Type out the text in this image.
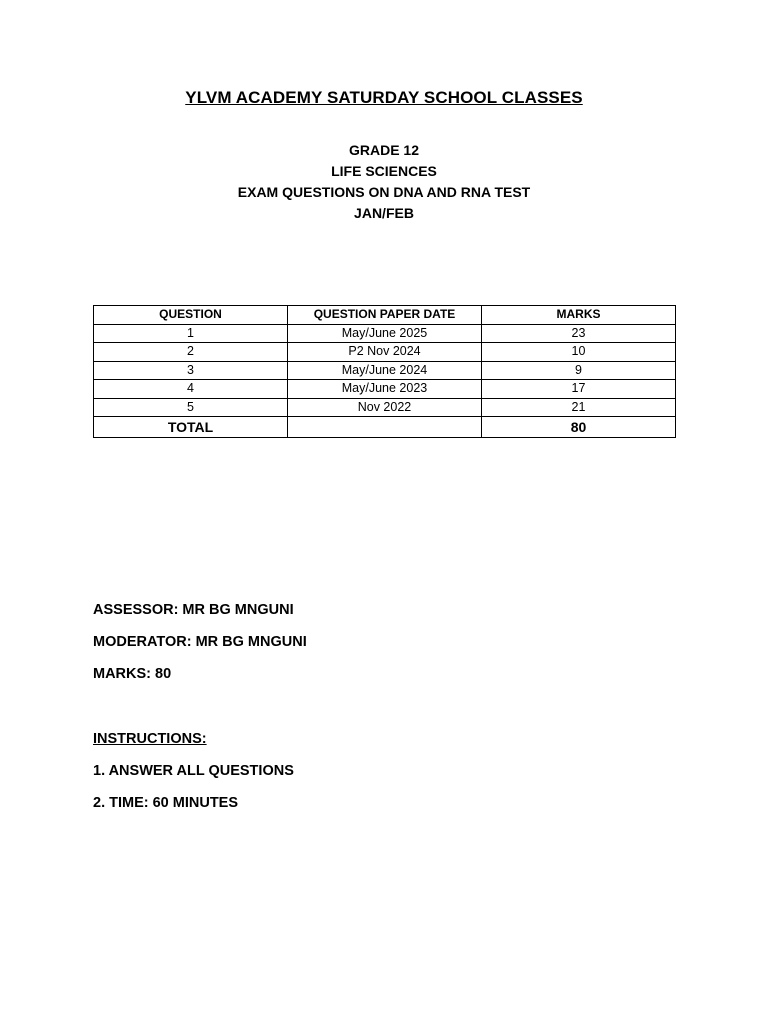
YLVM ACADEMY SATURDAY SCHOOL CLASSES
GRADE 12
LIFE SCIENCES
EXAM QUESTIONS ON DNA AND RNA TEST
JAN/FEB
QUESTION	QUESTION PAPER DATE	MARKS
1	May/June 2025	23
2	P2 Nov 2024	10
3	May/June 2024	9
4	May/June 2023	17
5	Nov 2022	21
TOTAL		80
ASSESSOR: MR BG MNGUNI
MODERATOR: MR BG MNGUNI
MARKS: 80
INSTRUCTIONS:
1. ANSWER ALL QUESTIONS
2. TIME: 60 MINUTES
